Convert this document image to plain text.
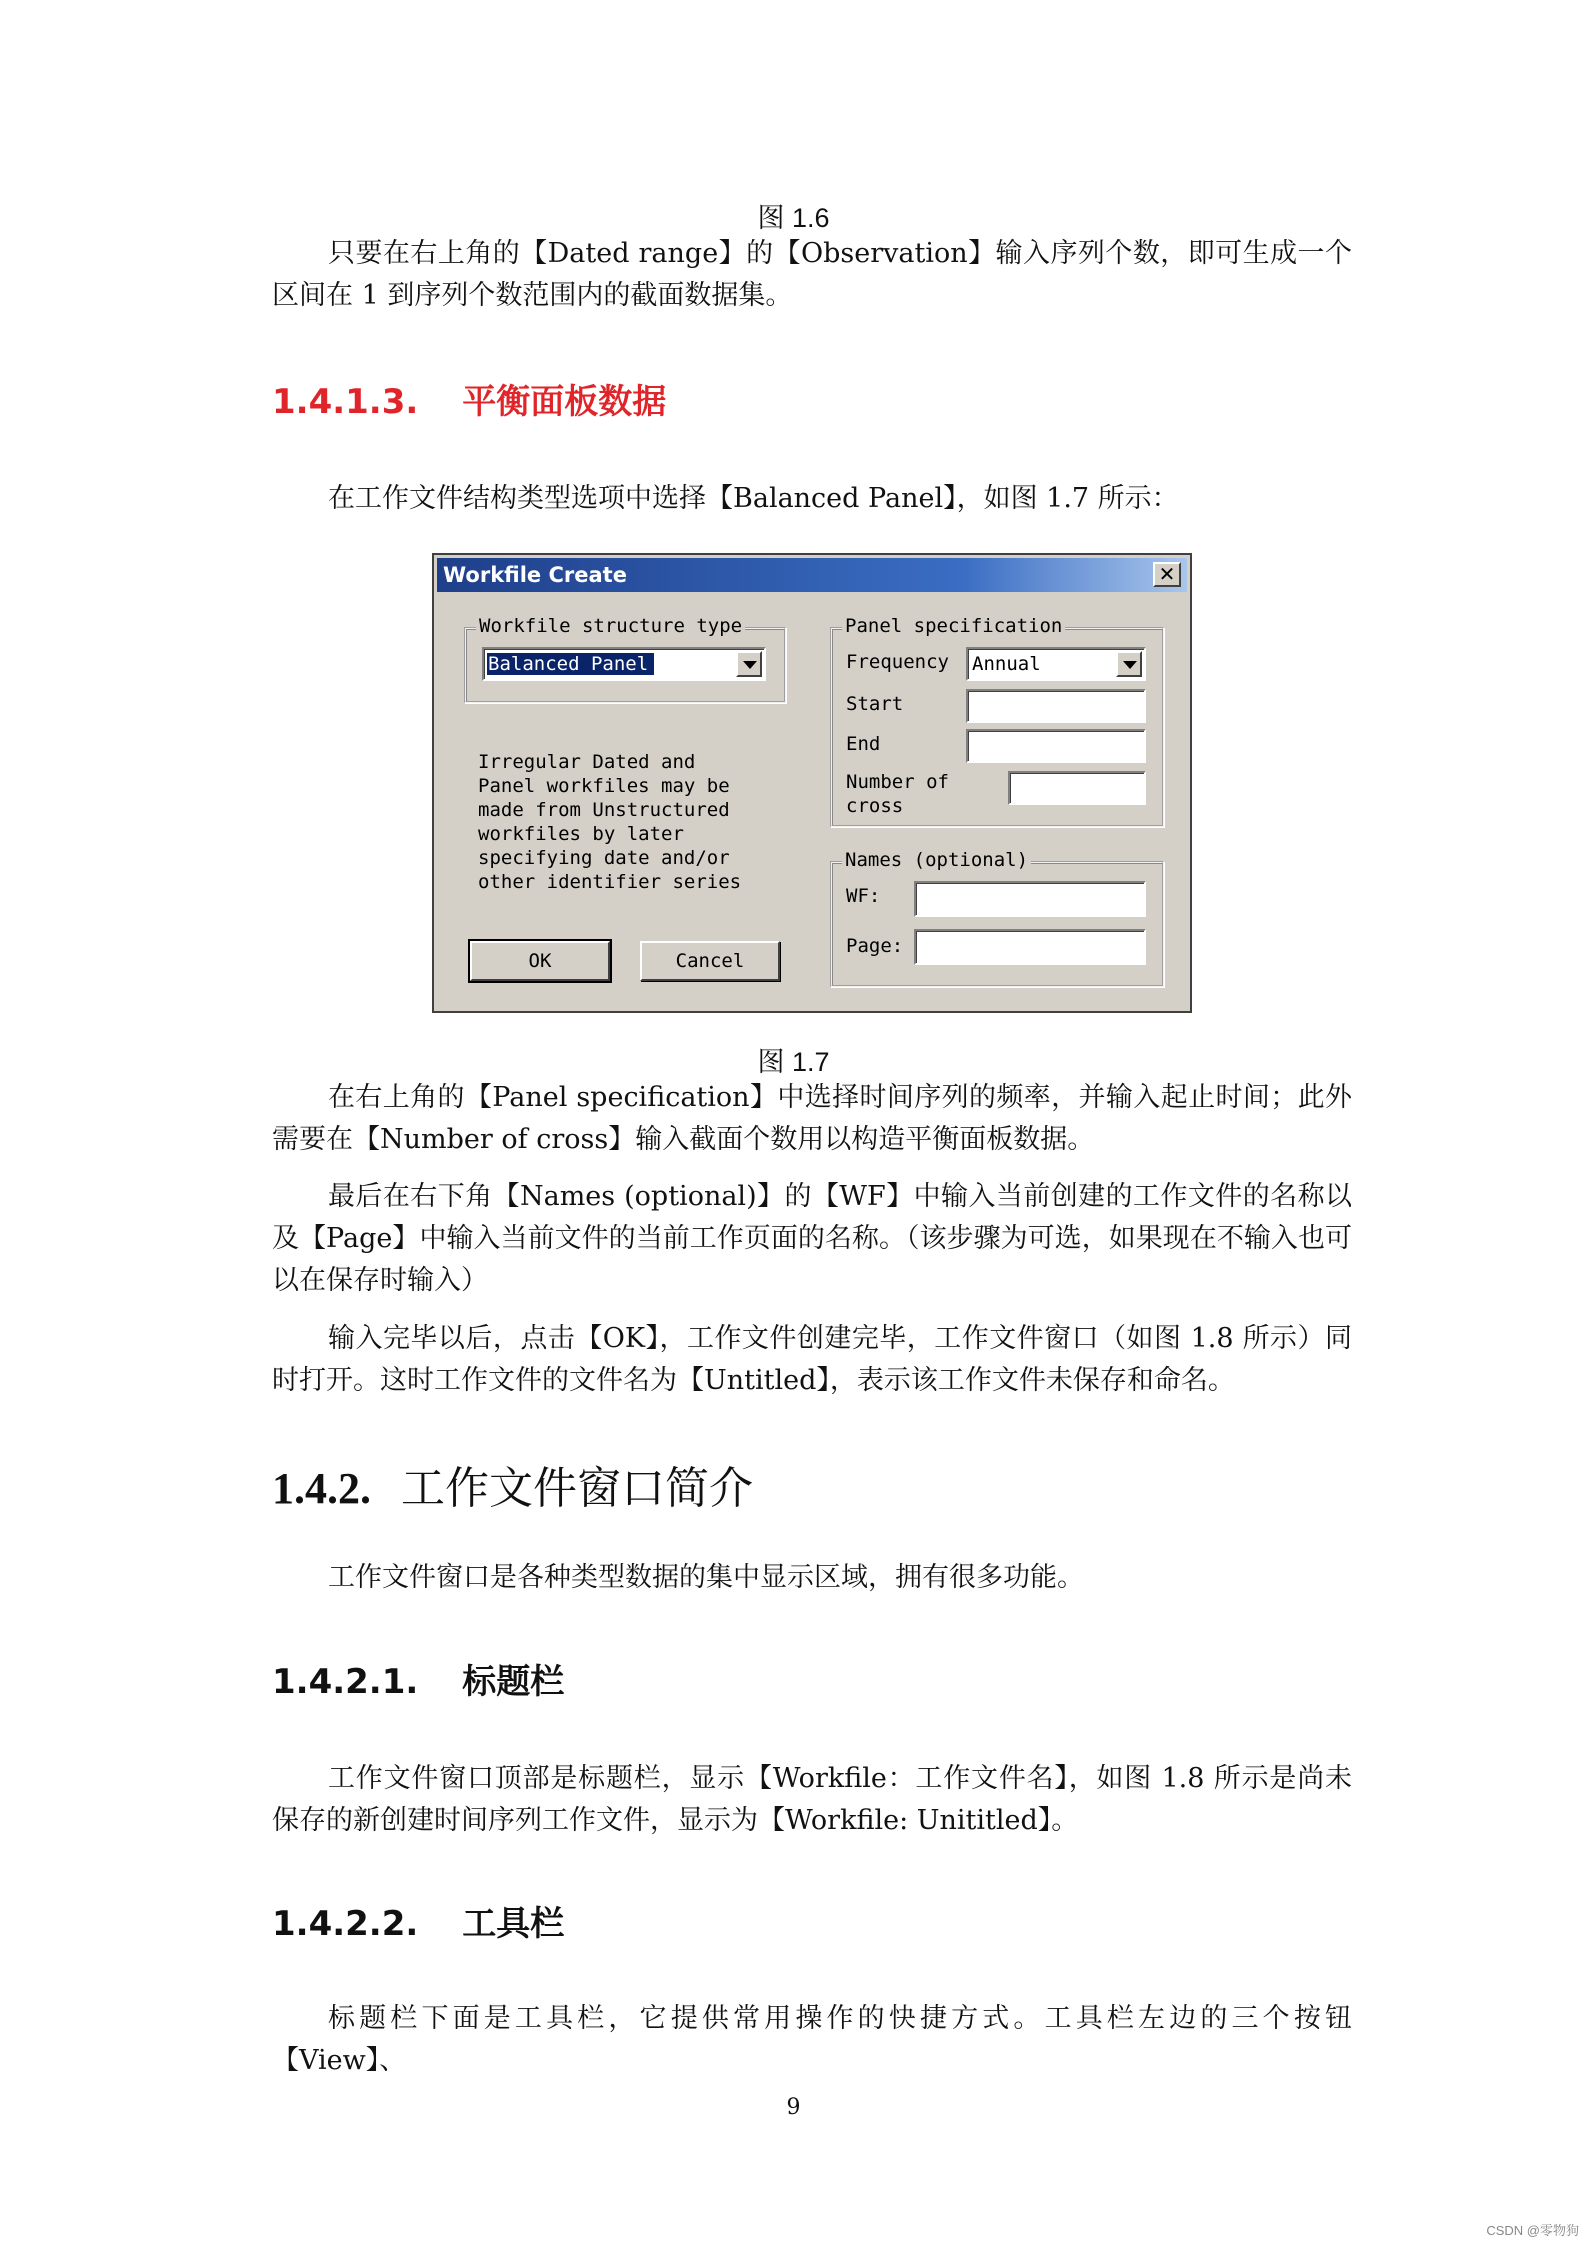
图 1.6

只要在右上角的【Dated range】的【Observation】输入序列个数，即可生成一个区间在 1 到序列个数范围内的截面数据集。

1.4.1.3. 平衡面板数据

在工作文件结构类型选项中选择【Balanced Panel】，如图 1.7 所示：

Workfile Create	✕
Workfile structure type
Balanced Panel
Irregular Dated and
Panel workfiles may be
made from Unstructured
workfiles by later
specifying date and/or
other identifier series
Panel specification
Frequency Annual
Start
End
Number of
cross
Names (optional)
WF:
Page:
OK	Cancel
图 1.7

在右上角的【Panel specification】中选择时间序列的频率，并输入起止时间；此外需要在【Number of cross】输入截面个数用以构造平衡面板数据。

最后在右下角【Names (optional)】的【WF】中输入当前创建的工作文件的名称以及【Page】中输入当前文件的当前工作页面的名称。（该步骤为可选，如果现在不输入也可以在保存时输入）

输入完毕以后，点击【OK】，工作文件创建完毕，工作文件窗口（如图 1.8 所示）同时打开。这时工作文件的文件名为【Untitled】，表示该工作文件未保存和命名。

1.4.2. 工作文件窗口简介

工作文件窗口是各种类型数据的集中显示区域，拥有很多功能。

1.4.2.1. 标题栏

工作文件窗口顶部是标题栏，显示【Workfile：工作文件名】，如图 1.8 所示是尚未保存的新创建时间序列工作文件，显示为【Workfile: Unititled】。

1.4.2.2. 工具栏

标题栏下面是工具栏，它提供常用操作的快捷方式。工具栏左边的三个按钮【View】、

9
CSDN @零物狗
